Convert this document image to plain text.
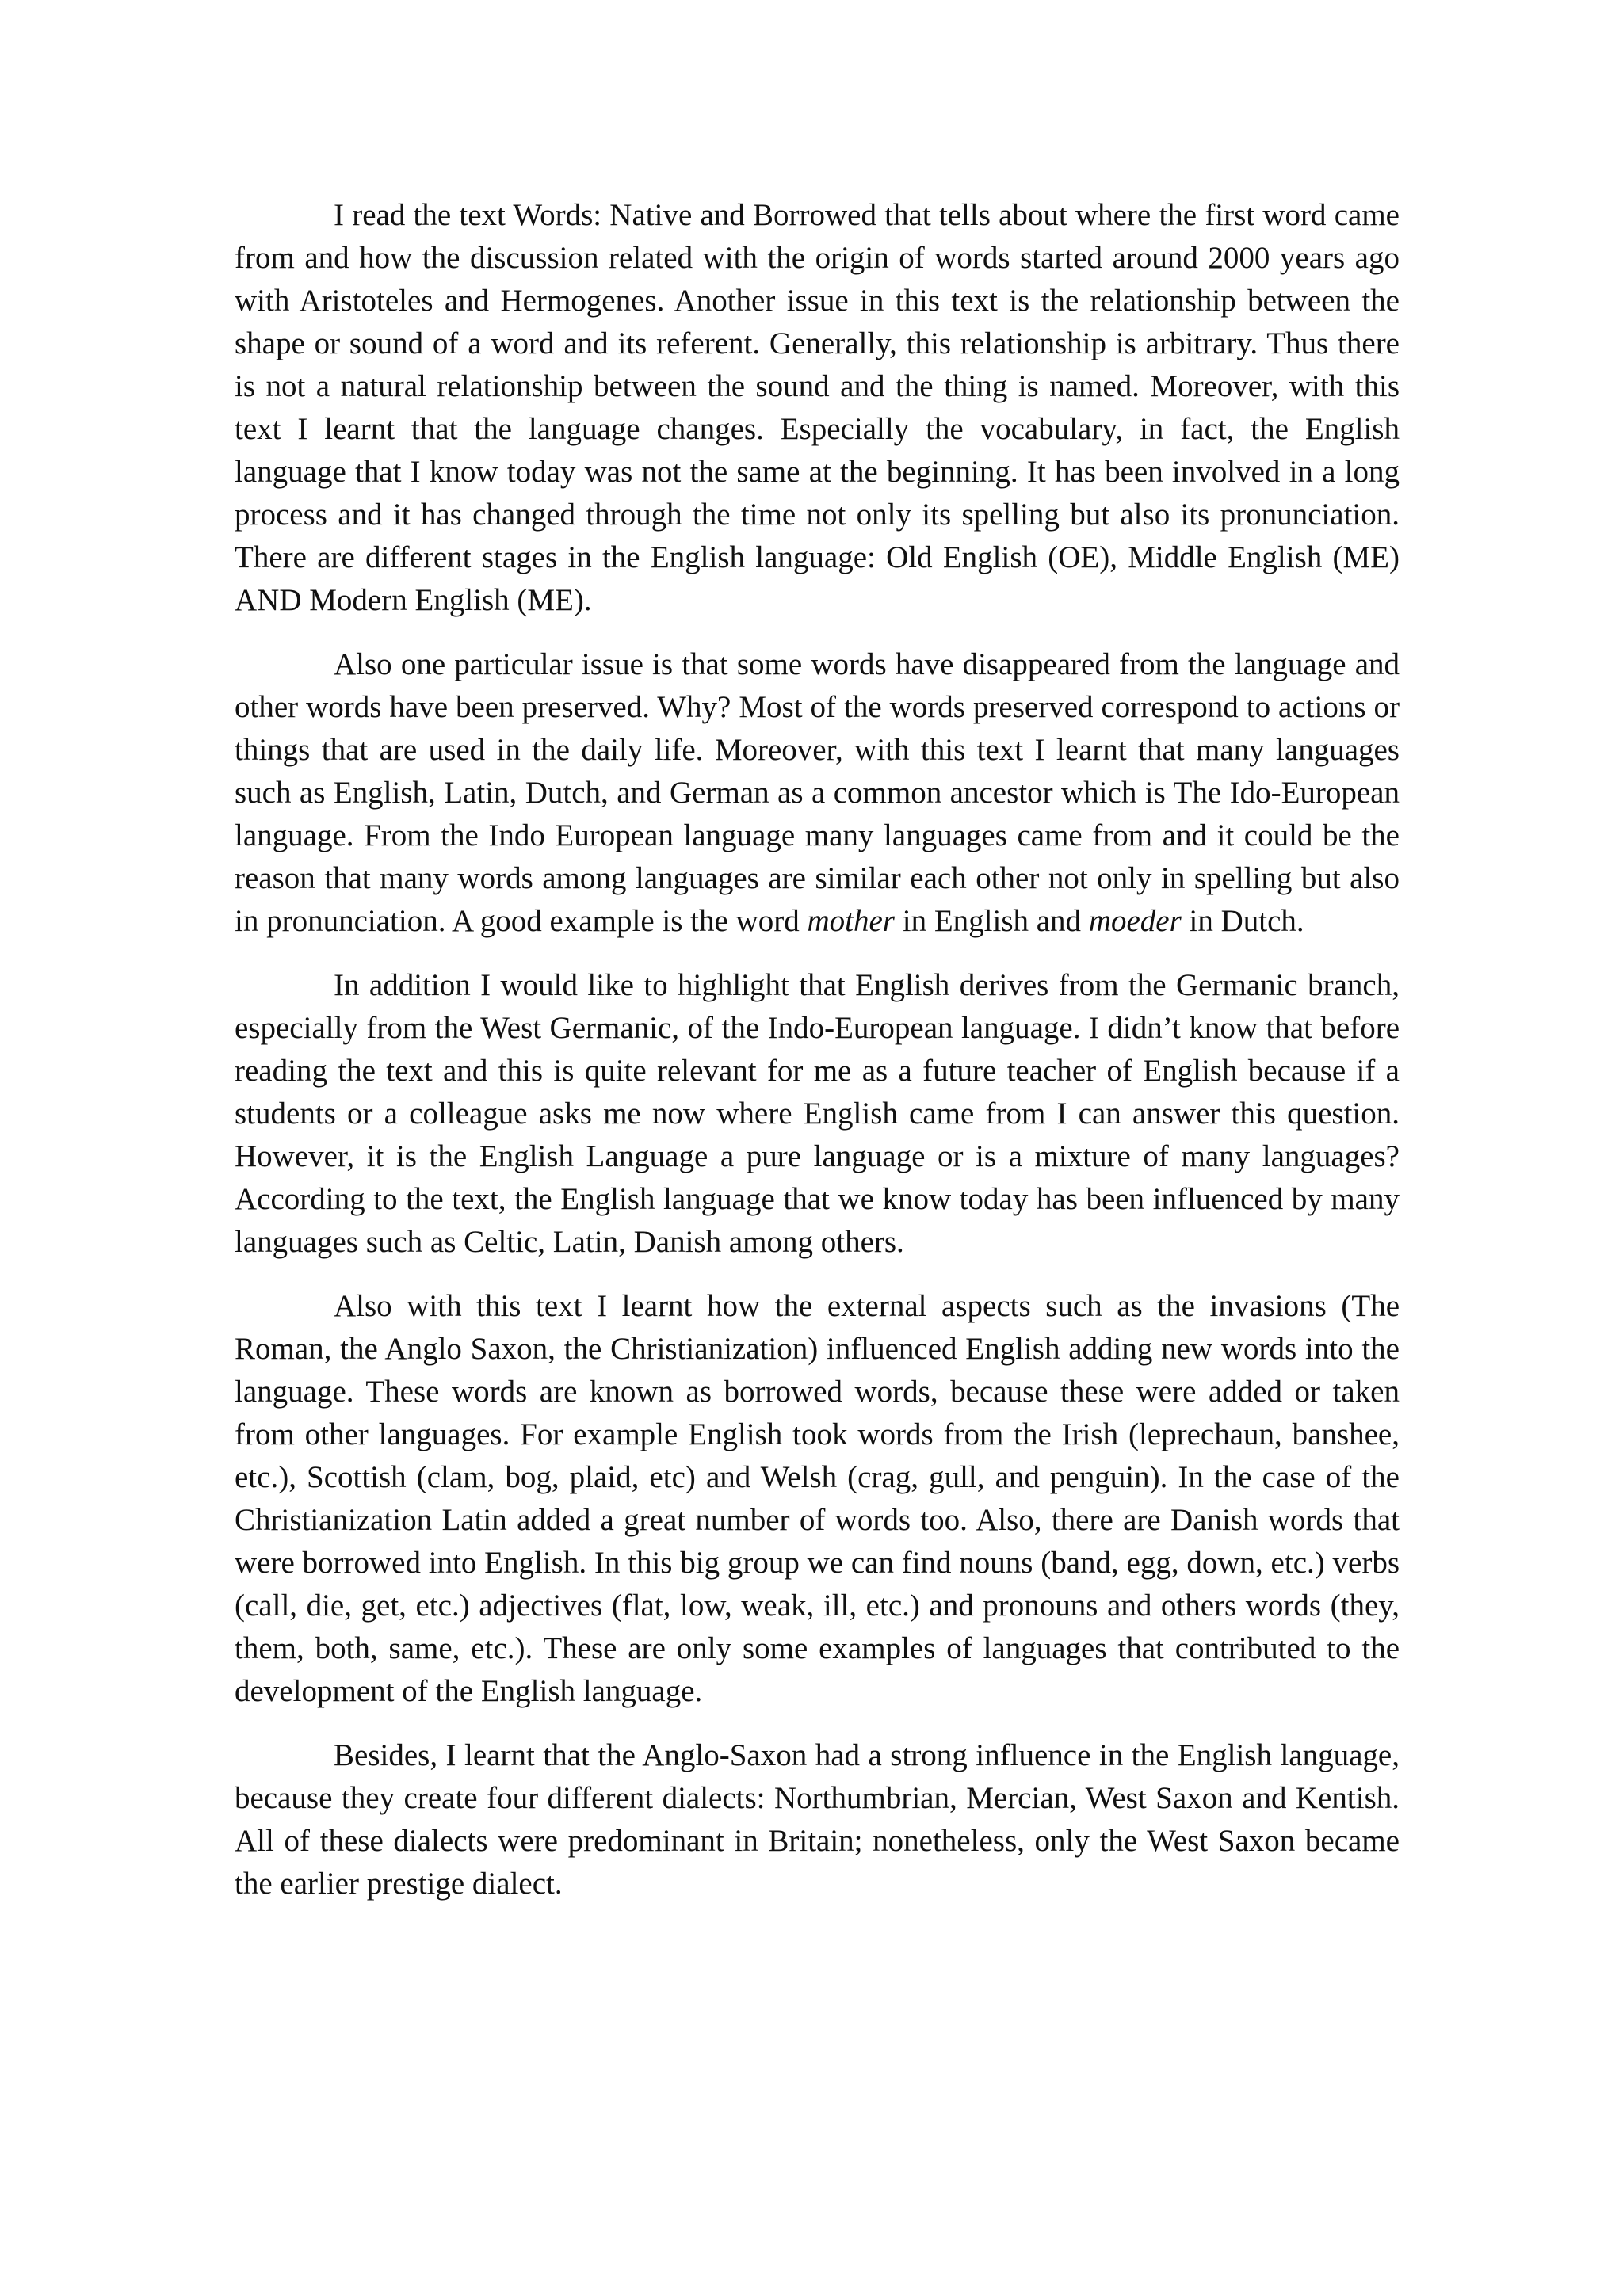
I read the text Words: Native and Borrowed that tells about where the first word came from and how the discussion related with the origin of words started around 2000 years ago with Aristoteles and Hermogenes. Another issue in this text is the relationship between the shape or sound of a word and its referent. Generally, this relationship is arbitrary. Thus there is not a natural relationship between the sound and the thing is named. Moreover, with this text I learnt that the language changes. Especially the vocabulary, in fact, the English language that I know today was not the same at the beginning. It has been involved in a long process and it has changed through the time not only its spelling but also its pronunciation. There are different stages in the English language: Old English (OE), Middle English (ME) AND Modern English (ME).

Also one particular issue is that some words have disappeared from the language and other words have been preserved. Why? Most of the words preserved correspond to actions or things that are used in the daily life. Moreover, with this text I learnt that many languages such as English, Latin, Dutch, and German as a common ancestor which is The Ido-European language. From the Indo European language many languages came from and it could be the reason that many words among languages are similar each other not only in spelling but also in pronunciation. A good example is the word mother in English and moeder in Dutch.

In addition I would like to highlight that English derives from the Germanic branch, especially from the West Germanic, of the Indo-European language. I didn’t know that before reading the text and this is quite relevant for me as a future teacher of English because if a students or a colleague asks me now where English came from I can answer this question. However, it is the English Language a pure language or is a mixture of many languages? According to the text, the English language that we know today has been influenced by many languages such as Celtic, Latin, Danish among others.

Also with this text I learnt how the external aspects such as the invasions (The Roman, the Anglo Saxon, the Christianization) influenced English adding new words into the language. These words are known as borrowed words, because these were added or taken from other languages. For example English took words from the Irish (leprechaun, banshee, etc.), Scottish (clam, bog, plaid, etc) and Welsh (crag, gull, and penguin). In the case of the Christianization Latin added a great number of words too. Also, there are Danish words that were borrowed into English. In this big group we can find nouns (band, egg, down, etc.) verbs (call, die, get, etc.) adjectives (flat, low, weak, ill, etc.) and pronouns and others words (they, them, both, same, etc.). These are only some examples of languages that contributed to the development of the English language.

Besides, I learnt that the Anglo-Saxon had a strong influence in the English language, because they create four different dialects: Northumbrian, Mercian, West Saxon and Kentish. All of these dialects were predominant in Britain; nonetheless, only the West Saxon became the earlier prestige dialect.
